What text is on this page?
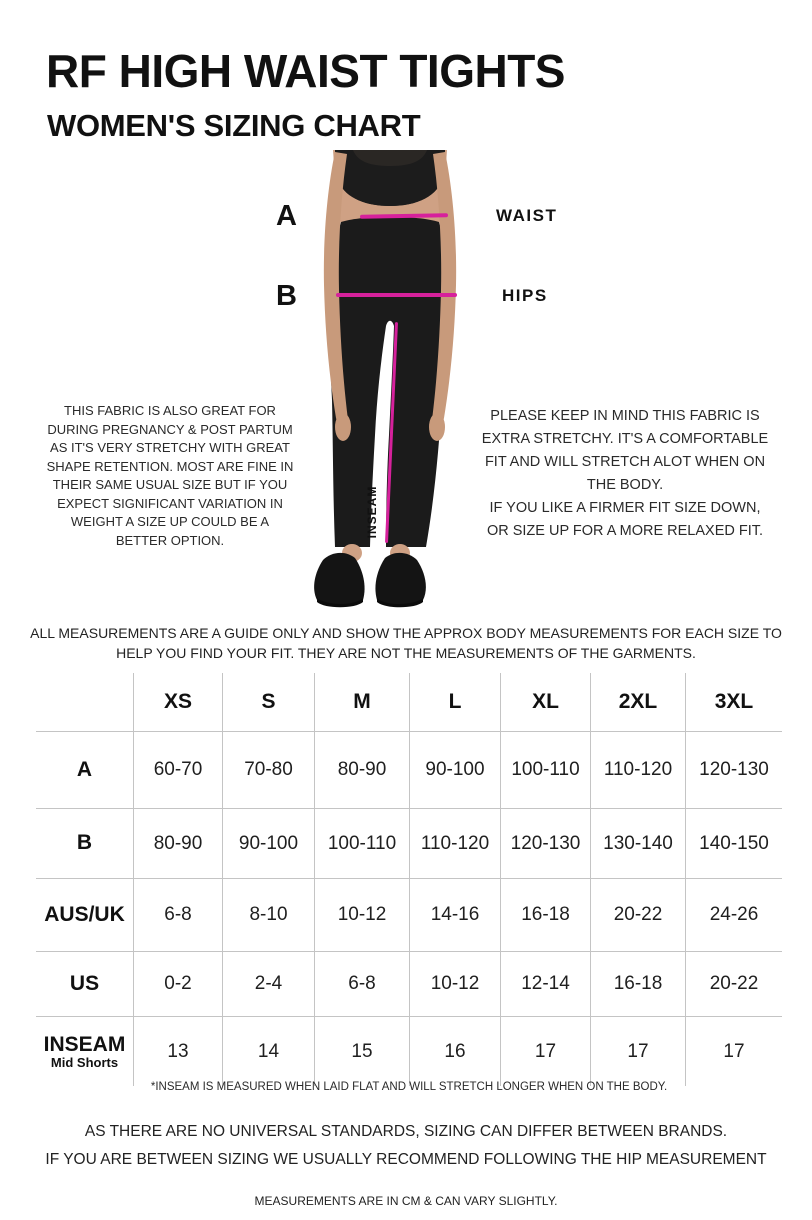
RF HIGH WAIST TIGHTS
WOMEN'S SIZING CHART
A
B
WAIST
HIPS
INSEAM
THIS FABRIC IS ALSO GREAT FOR
DURING PREGNANCY & POST PARTUM
AS IT'S VERY STRETCHY WITH GREAT
SHAPE RETENTION. MOST ARE FINE IN
THEIR SAME USUAL SIZE BUT IF YOU
EXPECT SIGNIFICANT VARIATION IN
WEIGHT A SIZE UP COULD BE A
BETTER OPTION.
PLEASE KEEP IN MIND THIS FABRIC IS
EXTRA STRETCHY. IT'S A COMFORTABLE
FIT AND WILL STRETCH ALOT WHEN ON
THE BODY.
IF YOU LIKE A FIRMER FIT SIZE DOWN,
OR SIZE UP FOR A MORE RELAXED FIT.
ALL MEASUREMENTS ARE A GUIDE ONLY AND SHOW THE APPROX BODY MEASUREMENTS FOR EACH SIZE TO
HELP YOU FIND YOUR FIT. THEY ARE NOT THE MEASUREMENTS OF THE GARMENTS.
XS	S	M	L	XL	2XL	3XL
A	60-70	70-80	80-90	90-100	100-110	110-120	120-130
B	80-90	90-100	100-110	110-120	120-130	130-140	140-150
AUS/UK	6-8	8-10	10-12	14-16	16-18	20-22	24-26
US	0-2	2-4	6-8	10-12	12-14	16-18	20-22
INSEAM
Mid Shorts
13	14	15	16	17	17	17
*INSEAM IS MEASURED WHEN LAID FLAT AND WILL STRETCH LONGER WHEN ON THE BODY.
AS THERE ARE NO UNIVERSAL STANDARDS, SIZING CAN DIFFER BETWEEN BRANDS.
IF YOU ARE BETWEEN SIZING WE USUALLY RECOMMEND FOLLOWING THE HIP MEASUREMENT
MEASUREMENTS ARE IN CM & CAN VARY SLIGHTLY.
